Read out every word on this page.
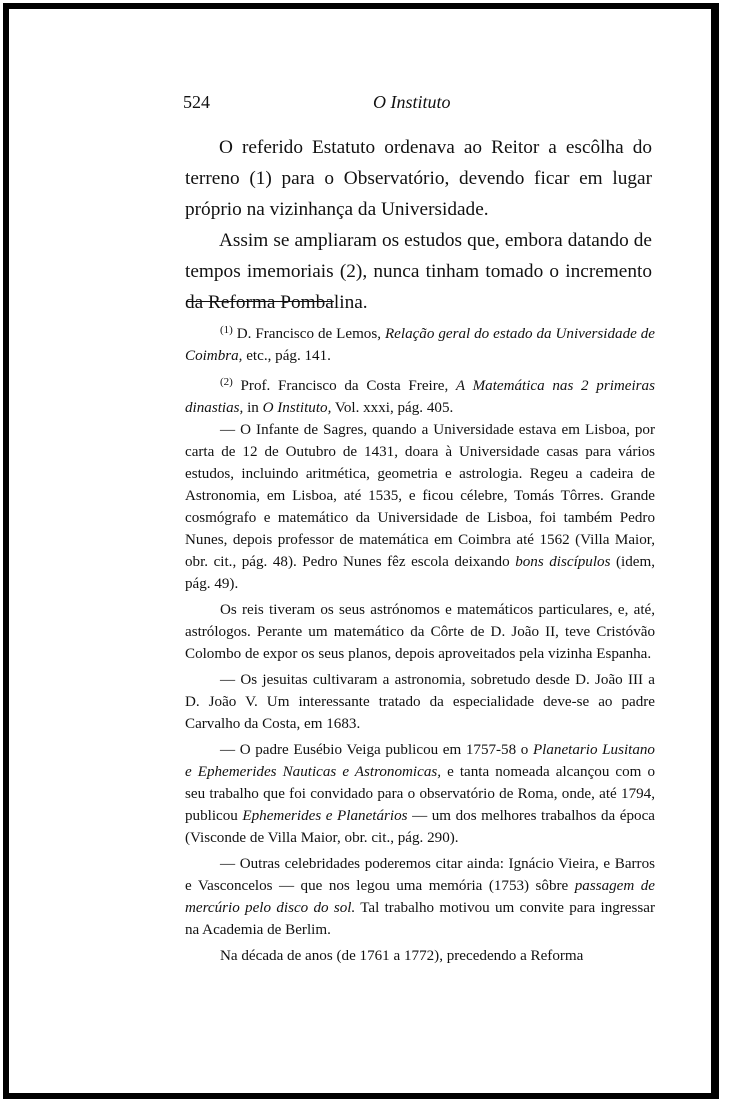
524	O Instituto

O referido Estatuto ordenava ao Reitor a escôlha do terreno (1) para o Observatório, devendo ficar em lugar próprio na vizinhança da Universidade.

Assim se ampliaram os estudos que, embora datando de tempos imemoriais (2), nunca tinham tomado o incremento da Reforma Pombalina.

$^{(1)}$ D. Francisco de Lemos, Relação geral do estado da Universidade de Coimbra, etc., pág. 141.

$^{(2)}$ Prof. Francisco da Costa Freire, A Matemática nas 2 primeiras dinastias, in O Instituto, Vol. xxxi, pág. 405.

— O Infante de Sagres, quando a Universidade estava em Lisboa, por carta de 12 de Outubro de 1431, doara à Universidade casas para vários estudos, incluindo aritmética, geometria e astrologia. Regeu a cadeira de Astronomia, em Lisboa, até 1535, e ficou célebre, Tomás Tôrres. Grande cosmógrafo e matemático da Universidade de Lisboa, foi também Pedro Nunes, depois professor de matemática em Coimbra até 1562 (Villa Maior, obr. cit., pág. 48). Pedro Nunes fêz escola deixando bons discípulos (idem, pág. 49).

Os reis tiveram os seus astrónomos e matemáticos particulares, e, até, astrólogos. Perante um matemático da Côrte de D. João II, teve Cristóvão Colombo de expor os seus planos, depois aproveitados pela vizinha Espanha.

— Os jesuitas cultivaram a astronomia, sobretudo desde D. João III a D. João V. Um interessante tratado da especialidade deve-se ao padre Carvalho da Costa, em 1683.

— O padre Eusébio Veiga publicou em 1757-58 o Planetario Lusitano e Ephemerides Nauticas e Astronomicas, e tanta nomeada alcançou com o seu trabalho que foi convidado para o observatório de Roma, onde, até 1794, publicou Ephemerides e Planetários — um dos melhores trabalhos da época (Visconde de Villa Maior, obr. cit., pág. 290).

— Outras celebridades poderemos citar ainda: Ignácio Vieira, e Barros e Vasconcelos — que nos legou uma memória (1753) sôbre passagem de mercúrio pelo disco do sol. Tal trabalho motivou um convite para ingressar na Academia de Berlim.

Na década de anos (de 1761 a 1772), precedendo a Reforma
